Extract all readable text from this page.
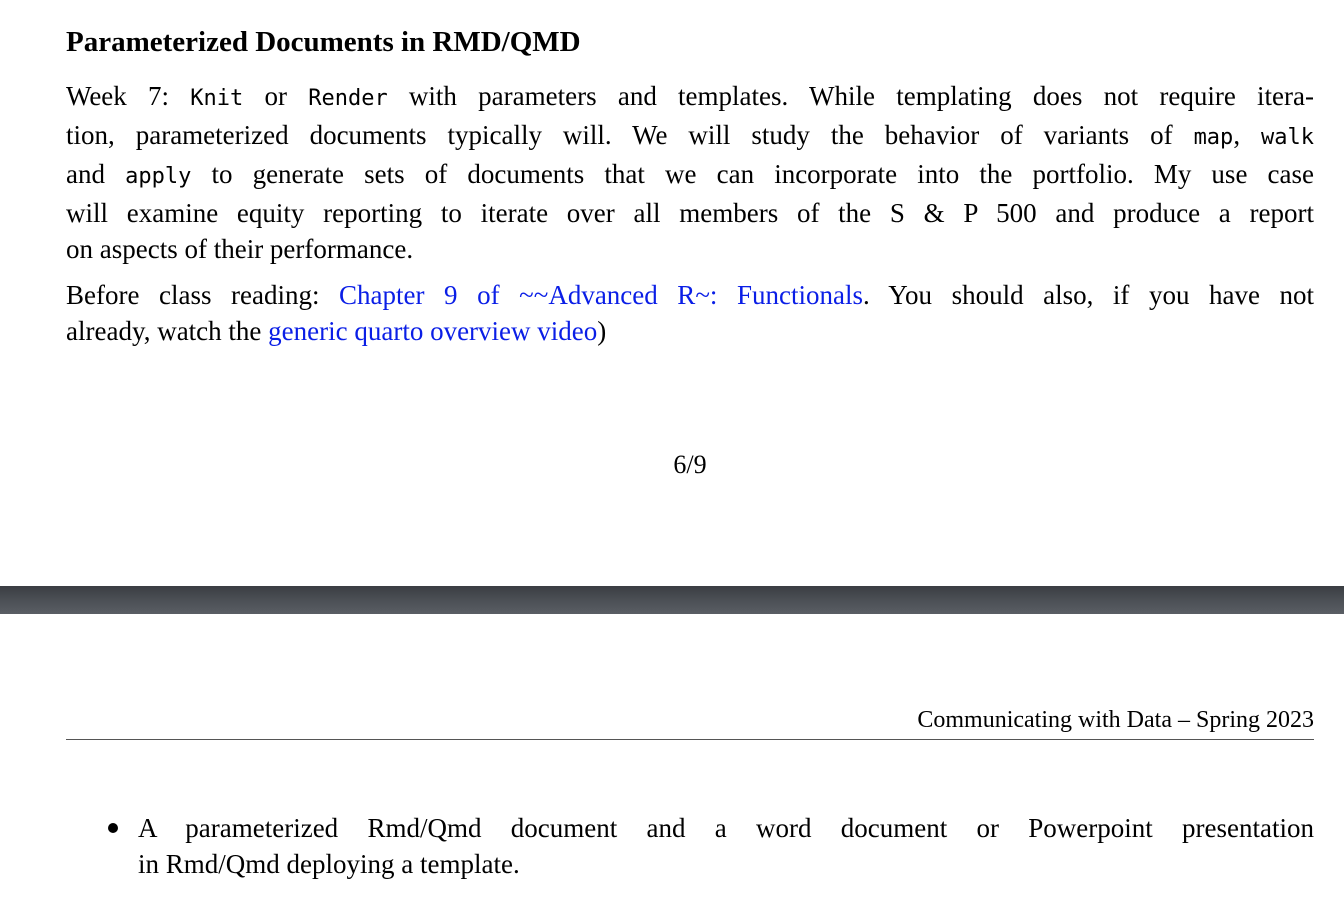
Parameterized Documents in RMD/QMD

Week 7: Knit or Render with parameters and templates. While templating does not require itera-
tion, parameterized documents typically will. We will study the behavior of variants of map, walk
and apply to generate sets of documents that we can incorporate into the portfolio. My use case
will examine equity reporting to iterate over all members of the S & P 500 and produce a report
on aspects of their performance.

Before class reading: Chapter 9 of ~~Advanced R~: Functionals. You should also, if you have not
already, watch the generic quarto overview video)

6/9
Communicating with Data – Spring 2023
A parameterized Rmd/Qmd document and a word document or Powerpoint presentation
in Rmd/Qmd deploying a template.
